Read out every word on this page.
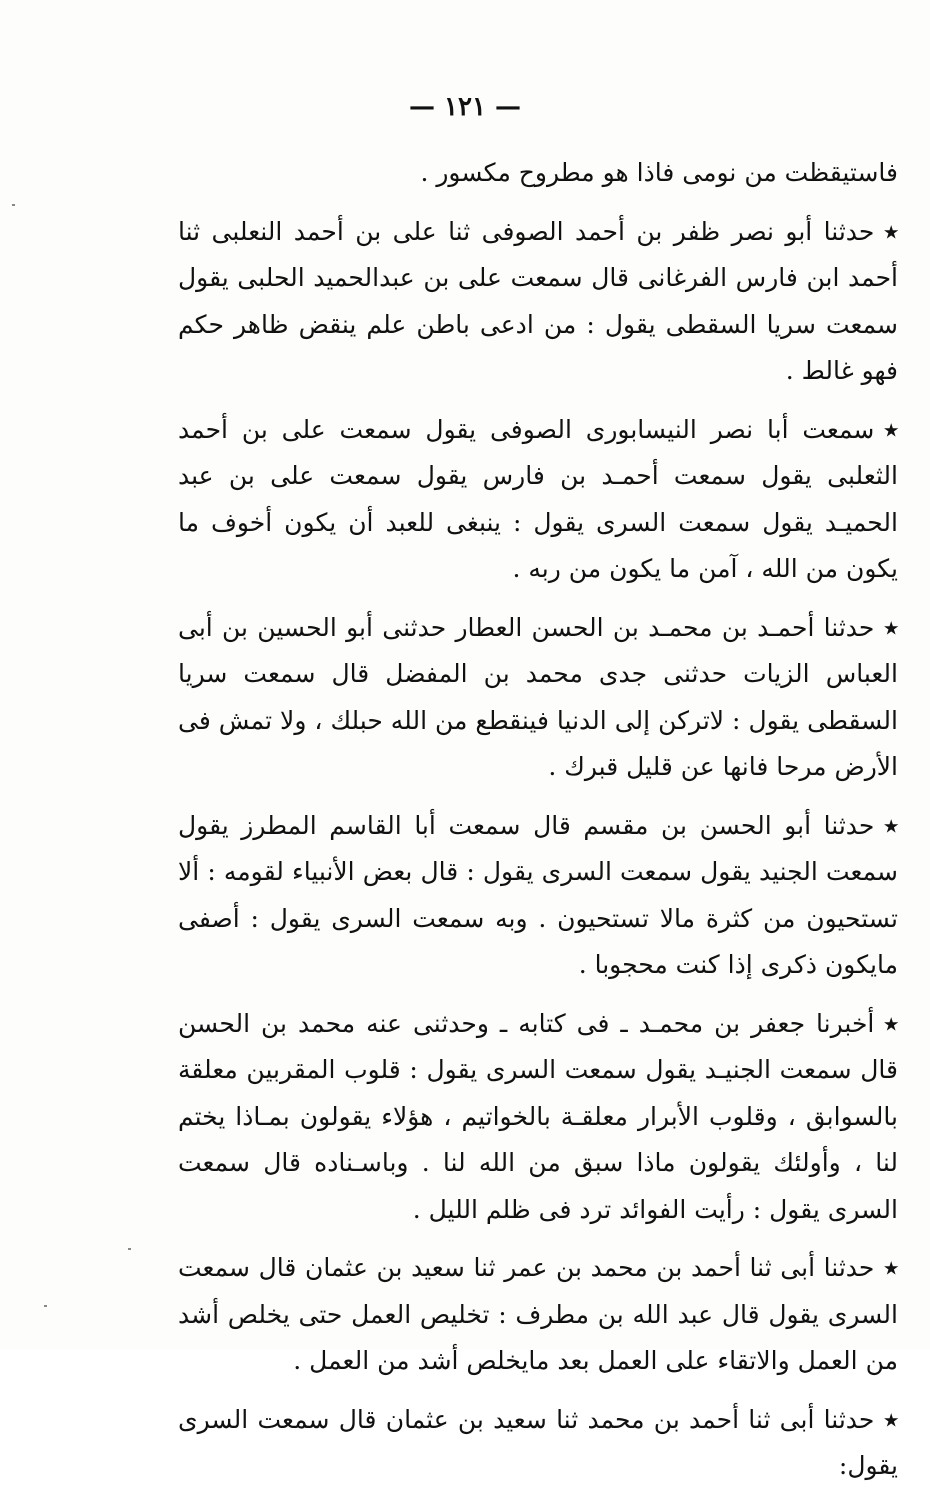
— ١٢١ —

فاستيقظت من نومى فاذا هو مطروح مكسور .

٭حدثنا أبو نصر ظفر بن أحمد الصوفى ثنا على بن أحمد النعلبى ثنا أحمد ابن فارس الفرغانى قال سمعت على بن عبدالحميد الحلبى يقول سمعت سريا السقطى يقول : من ادعى باطن علم ينقض ظاهر حكم فهو غالط .

٭سمعت أبا نصر النيسابورى الصوفى يقول سمعت على بن أحمد الثعلبى يقول سمعت أحمـد بن فارس يقول سمعت على بن عبد الحميـد يقول سمعت السرى يقول : ينبغى للعبد أن يكون أخوف ما يكون من الله ، آمن ما يكون من ربه .

٭حدثنا أحمـد بن محمـد بن الحسن العطار حدثنى أبو الحسين بن أبى العباس الزيات حدثنى جدى محمد بن المفضل قال سمعت سريا السقطى يقول : لاتركن إلى الدنيا فينقطع من الله حبلك ، ولا تمش فى الأرض مرحا فانها عن قليل قبرك .

٭حدثنا أبو الحسن بن مقسم قال سمعت أبا القاسم المطرز يقول سمعت الجنيد يقول سمعت السرى يقول : قال بعض الأنبياء لقومه : ألا تستحيون من كثرة مالا تستحيون . وبه سمعت السرى يقول : أصفى مايكون ذكرى إذا كنت محجوبا .

٭أخبرنا جعفر بن محمـد ـ فى كتابه ـ وحدثنى عنه محمد بن الحسن قال سمعت الجنيـد يقول سمعت السرى يقول : قلوب المقربين معلقة بالسوابق ، وقلوب الأبرار معلقـة بالخواتيم ، هؤلاء يقولون بمـاذا يختم لنا ، وأولئك يقولون ماذا سبق من الله لنا . وباسـناده قال سمعت السرى يقول : رأيت الفوائد ترد فى ظلم الليل .

٭حدثنا أبى ثنا أحمد بن محمد بن عمر ثنا سعيد بن عثمان قال سمعت السرى يقول قال عبد الله بن مطرف : تخليص العمل حتى يخلص أشد من العمل والاتقاء على العمل بعد مايخلص أشد من العمل .

٭حدثنا أبى ثنا أحمد بن محمد ثنا سعيد بن عثمان قال سمعت السرى يقول:
